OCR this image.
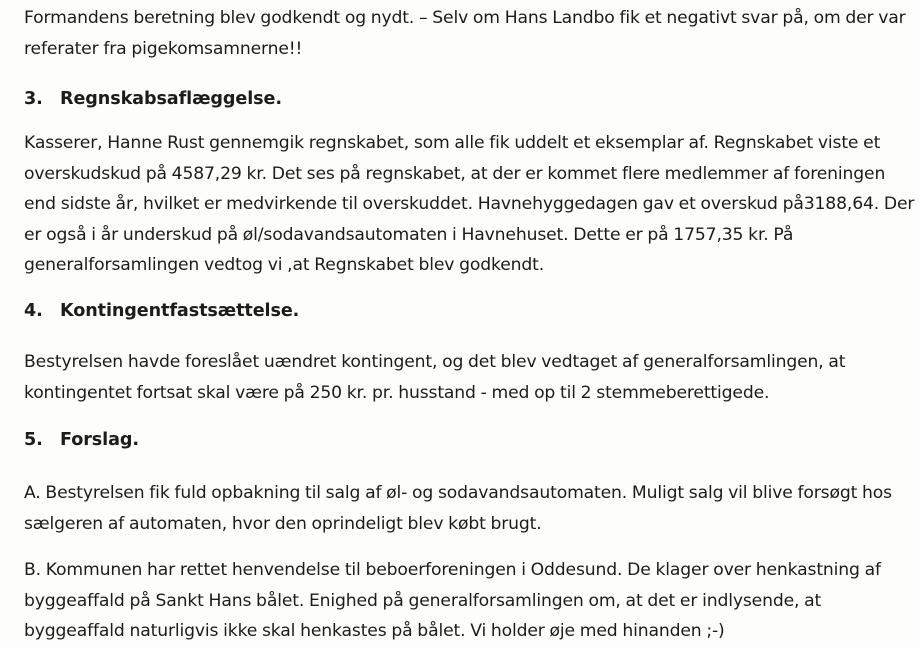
Formandens beretning blev godkendt og nydt. – Selv om Hans Landbo fik et negativt svar på, om der var
referater fra pigekomsamnerne!!

3. Regnskabsaflæggelse.

Kasserer, Hanne Rust gennemgik regnskabet, som alle fik uddelt et eksemplar af. Regnskabet viste et
overskudskud på 4587,29 kr. Det ses på regnskabet, at der er kommet flere medlemmer af foreningen
end sidste år, hvilket er medvirkende til overskuddet. Havnehyggedagen gav et overskud på3188,64. Der
er også i år underskud på øl/sodavandsautomaten i Havnehuset. Dette er på 1757,35 kr. På
generalforsamlingen vedtog vi ,at Regnskabet blev godkendt.

4. Kontingentfastsættelse.

Bestyrelsen havde foreslået uændret kontingent, og det blev vedtaget af generalforsamlingen, at
kontingentet fortsat skal være på 250 kr. pr. husstand - med op til 2 stemmeberettigede.

5. Forslag.

A. Bestyrelsen fik fuld opbakning til salg af øl- og sodavandsautomaten. Muligt salg vil blive forsøgt hos
sælgeren af automaten, hvor den oprindeligt blev købt brugt.

B. Kommunen har rettet henvendelse til beboerforeningen i Oddesund. De klager over henkastning af
byggeaffald på Sankt Hans bålet. Enighed på generalforsamlingen om, at det er indlysende, at
byggeaffald naturligvis ikke skal henkastes på bålet. Vi holder øje med hinanden ;-)
